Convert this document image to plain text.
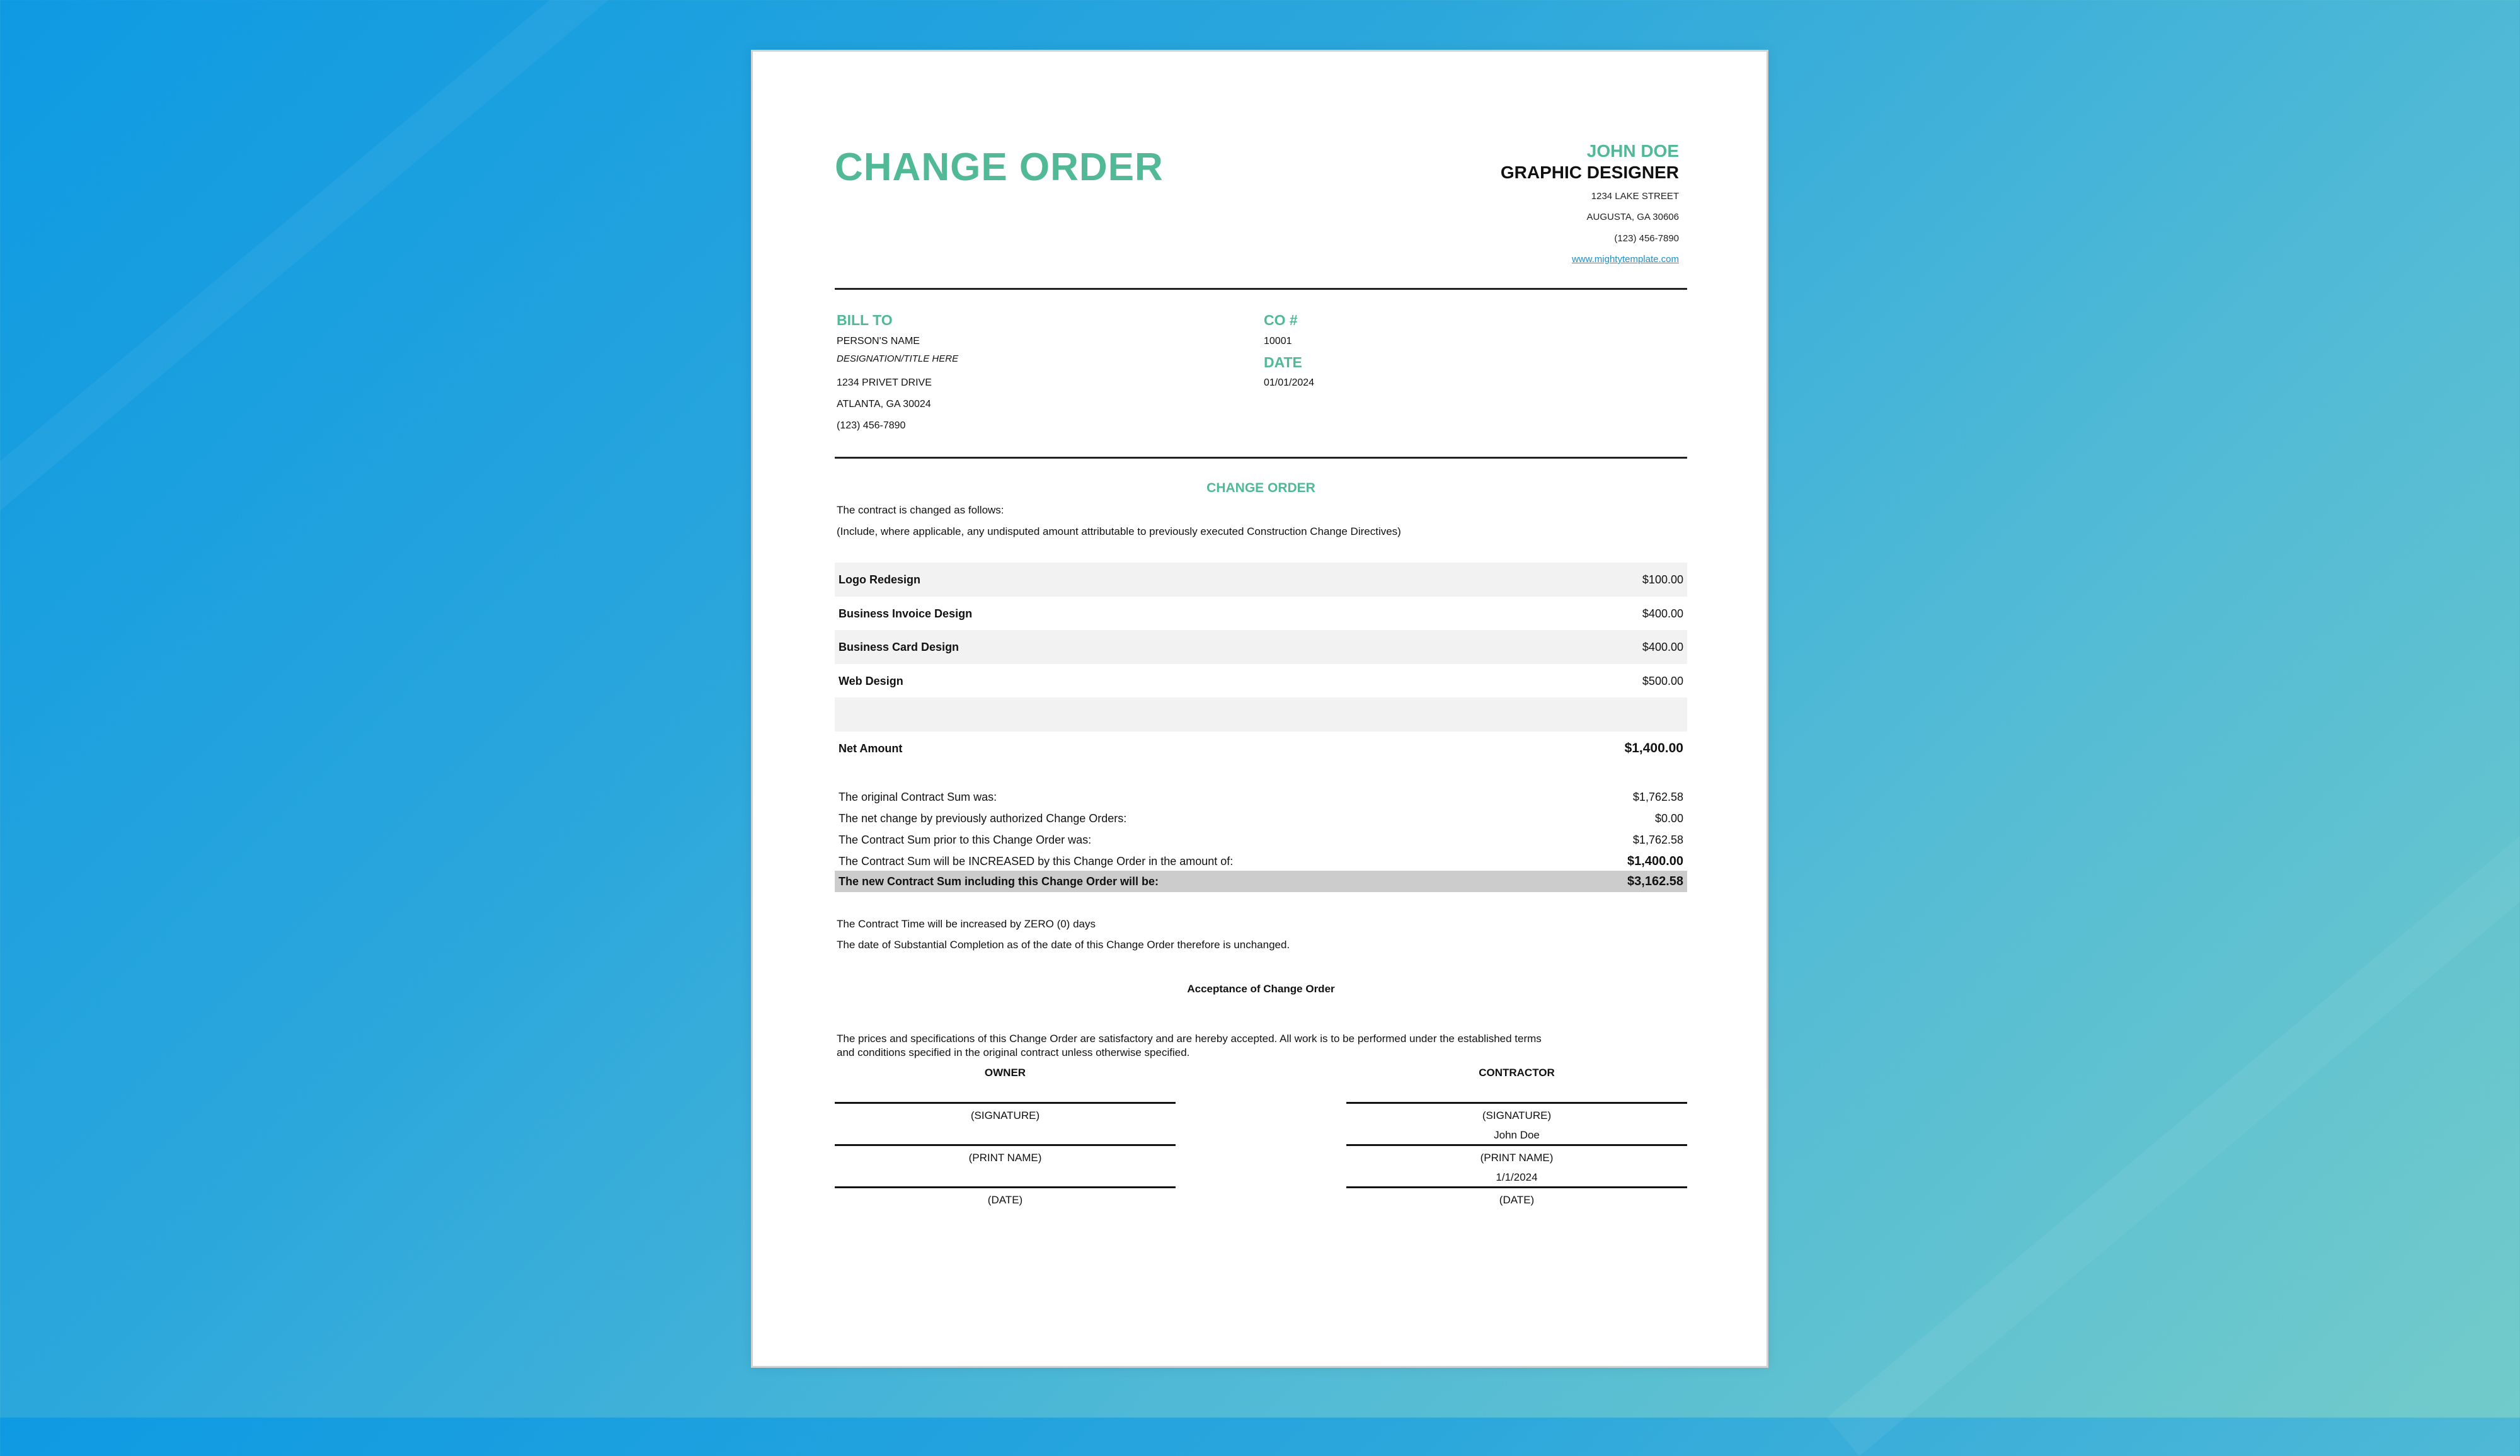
CHANGE ORDER	JOHN DOE
GRAPHIC DESIGNER
1234 LAKE STREET
AUGUSTA, GA 30606
(123) 456-7890
www.mightytemplate.com
BILL TO
PERSON'S NAME
DESIGNATION/TITLE HERE
1234 PRIVET DRIVE
ATLANTA, GA 30024
(123) 456-7890
CO #
10001
DATE
01/01/2024
CHANGE ORDER
The contract is changed as follows:
(Include, where applicable, any undisputed amount attributable to previously executed Construction Change Directives)
Logo Redesign	$100.00
Business Invoice Design	$400.00
Business Card Design	$400.00
Web Design	$500.00
Net Amount	$1,400.00
The original Contract Sum was:	$1,762.58
The net change by previously authorized Change Orders:	$0.00
The Contract Sum prior to this Change Order was:	$1,762.58
The Contract Sum will be INCREASED by this Change Order in the amount of:	$1,400.00
The new Contract Sum including this Change Order will be:	$3,162.58
The Contract Time will be increased by ZERO (0) days
The date of Substantial Completion as of the date of this Change Order therefore is unchanged.
Acceptance of Change Order
The prices and specifications of this Change Order are satisfactory and are hereby accepted. All work is to be performed under the established terms
and conditions specified in the original contract unless otherwise specified.
OWNER
(SIGNATURE)
(PRINT NAME)
(DATE)
CONTRACTOR
(SIGNATURE)
John Doe
(PRINT NAME)
1/1/2024
(DATE)
